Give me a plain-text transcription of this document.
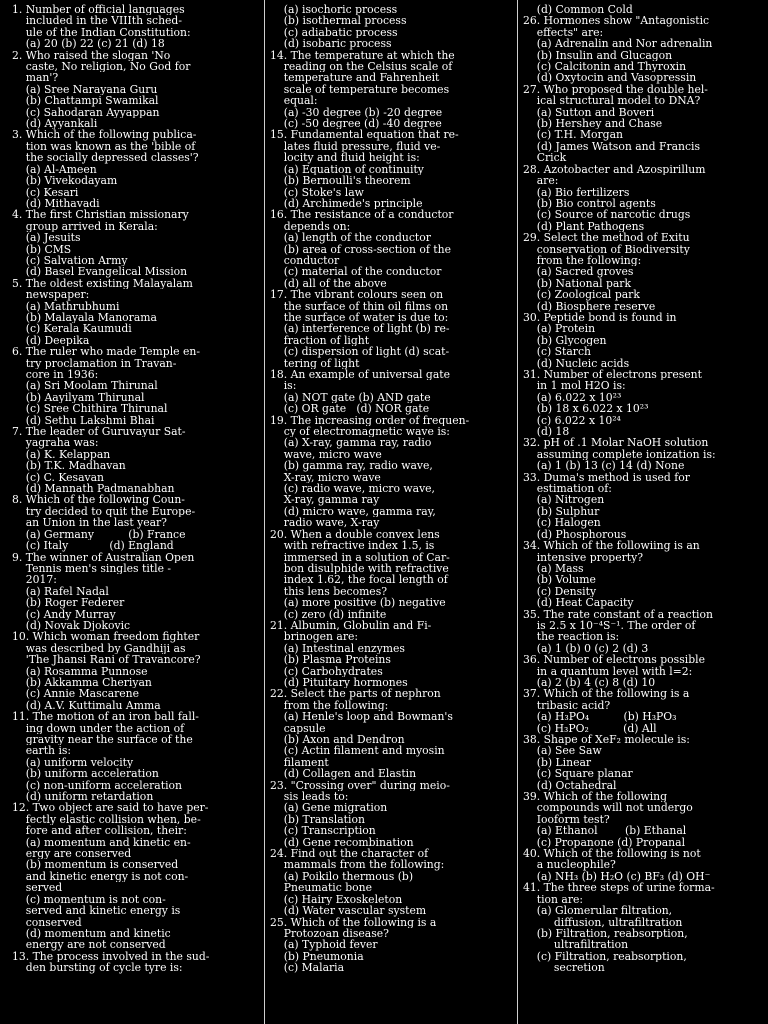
1. Number of official languages
included in the VIIIth sched-
ule of the Indian Constitution:
(a) 20 (b) 22 (c) 21 (d) 18
2. Who raised the slogan 'No
caste, No religion, No God for
man'?
(a) Sree Narayana Guru
(b) Chattampi Swamikal
(c) Sahodaran Ayyappan
(d) Ayyankali
3. Which of the following publica-
tion was known as the 'bible of
the socially depressed classes'?
(a) Al-Ameen
(b) Vivekodayam
(c) Kesari
(d) Mithavadi
4. The first Christian missionary
group arrived in Kerala:
(a) Jesuits
(b) CMS
(c) Salvation Army
(d) Basel Evangelical Mission
5. The oldest existing Malayalam
newspaper:
(a) Mathrubhumi
(b) Malayala Manorama
(c) Kerala Kaumudi
(d) Deepika
6. The ruler who made Temple en-
try proclamation in Travan-
core in 1936:
(a) Sri Moolam Thirunal
(b) Aayilyam Thirunal
(c) Sree Chithira Thirunal
(d) Sethu Lakshmi Bhai
7. The leader of Guruvayur Sat-
yagraha was:
(a) K. Kelappan
(b) T.K. Madhavan
(c) C. Kesavan
(d) Mannath Padmanabhan
8. Which of the following Coun-
try decided to quit the Europe-
an Union in the last year?
(a) Germany          (b) France
(c) Italy            (d) England
9. The winner of Australian Open
Tennis men's singles title -
2017:
(a) Rafel Nadal
(b) Roger Federer
(c) Andy Murray
(d) Novak Djokovic
10. Which woman freedom fighter
was described by Gandhiji as
'The Jhansi Rani of Travancore?
(a) Rosamma Punnose
(b) Akkamma Cheriyan
(c) Annie Mascarene
(d) A.V. Kuttimalu Amma
11. The motion of an iron ball fall-
ing down under the action of
gravity near the surface of the
earth is:
(a) uniform velocity
(b) uniform acceleration
(c) non-uniform acceleration
(d) uniform retardation
12. Two object are said to have per-
fectly elastic collision when, be-
fore and after collision, their:
(a) momentum and kinetic en-
ergy are conserved
(b) momentum is conserved
and kinetic energy is not con-
served
(c) momentum is not con-
served and kinetic energy is
conserved
(d) momentum and kinetic
energy are not conserved
13. The process involved in the sud-
den bursting of cycle tyre is:
(a) isochoric process
(b) isothermal process
(c) adiabatic process
(d) isobaric process
14. The temperature at which the
reading on the Celsius scale of
temperature and Fahrenheit
scale of temperature becomes
equal:
(a) -30 degree (b) -20 degree
(c) -50 degree (d) -40 degree
15. Fundamental equation that re-
lates fluid pressure, fluid ve-
locity and fluid height is:
(a) Equation of continuity
(b) Bernoulli's theorem
(c) Stoke's law
(d) Archimede's principle
16. The resistance of a conductor
depends on:
(a) length of the conductor
(b) area of cross-section of the
conductor
(c) material of the conductor
(d) all of the above
17. The vibrant colours seen on
the surface of thin oil films on
the surface of water is due to:
(a) interference of light (b) re-
fraction of light
(c) dispersion of light (d) scat-
tering of light
18. An example of universal gate
is:
(a) NOT gate (b) AND gate
(c) OR gate   (d) NOR gate
19. The increasing order of frequen-
cy of electromagnetic wave is:
(a) X-ray, gamma ray, radio
wave, micro wave
(b) gamma ray, radio wave,
X-ray, micro wave
(c) radio wave, micro wave,
X-ray, gamma ray
(d) micro wave, gamma ray,
radio wave, X-ray
20. When a double convex lens
with refractive index 1.5, is
immersed in a solution of Car-
bon disulphide with refractive
index 1.62, the focal length of
this lens becomes?
(a) more positive (b) negative
(c) zero (d) infinite
21. Albumin, Globulin and Fi-
brinogen are:
(a) Intestinal enzymes
(b) Plasma Proteins
(c) Carbohydrates
(d) Pituitary hormones
22. Select the parts of nephron
from the following:
(a) Henle's loop and Bowman's
capsule
(b) Axon and Dendron
(c) Actin filament and myosin
filament
(d) Collagen and Elastin
23. "Crossing over" during meio-
sis leads to:
(a) Gene migration
(b) Translation
(c) Transcription
(d) Gene recombination
24. Find out the character of
mammals from the following:
(a) Poikilo thermous (b)
Pneumatic bone
(c) Hairy Exoskeleton
(d) Water vascular system
25. Which of the following is a
Protozoan disease?
(a) Typhoid fever
(b) Pneumonia
(c) Malaria
(d) Common Cold
26. Hormones show "Antagonistic
effects" are:
(a) Adrenalin and Nor adrenalin
(b) Insulin and Glucagon
(c) Calcitonin and Thyroxin
(d) Oxytocin and Vasopressin
27. Who proposed the double hel-
ical structural model to DNA?
(a) Sutton and Boveri
(b) Hershey and Chase
(c) T.H. Morgan
(d) James Watson and Francis
Crick
28. Azotobacter and Azospirillum
are:
(a) Bio fertilizers
(b) Bio control agents
(c) Source of narcotic drugs
(d) Plant Pathogens
29. Select the method of Exitu
conservation of Biodiversity
from the following:
(a) Sacred groves
(b) National park
(c) Zoological park
(d) Biosphere reserve
30. Peptide bond is found in
(a) Protein
(b) Glycogen
(c) Starch
(d) Nucleic acids
31. Number of electrons present
in 1 mol H2O is:
(a) 6.022 x 10²³
(b) 18 x 6.022 x 10²³
(c) 6.022 x 10²⁴
(d) 18
32. pH of .1 Molar NaOH solution
assuming complete ionization is:
(a) 1 (b) 13 (c) 14 (d) None
33. Duma's method is used for
estimation of:
(a) Nitrogen
(b) Sulphur
(c) Halogen
(d) Phosphorous
34. Which of the followiing is an
intensive property?
(a) Mass
(b) Volume
(c) Density
(d) Heat Capacity
35. The rate constant of a reaction
is 2.5 x 10⁻⁴S⁻¹. The order of
the reaction is:
(a) 1 (b) 0 (c) 2 (d) 3
36. Number of electrons possible
in a quantum level with l=2:
(a) 2 (b) 4 (c) 8 (d) 10
37. Which of the following is a
tribasic acid?
(a) H₃PO₄          (b) H₃PO₃
(c) H₃PO₂          (d) All
38. Shape of XeF₂ molecule is:
(a) See Saw
(b) Linear
(c) Square planar
(d) Octahedral
39. Which of the following
compounds will not undergo
Iooform test?
(a) Ethanol        (b) Ethanal
(c) Propanone (d) Propanal
40. Which of the following is not
a nucleophile?
(a) NH₃ (b) H₂O (c) BF₃ (d) OH⁻
41. The three steps of urine forma-
tion are:
(a) Glomerular filtration,
diffusion, ultrafiltration
(b) Filtration, reabsorption,
ultrafiltration
(c) Filtration, reabsorption,
secretion
